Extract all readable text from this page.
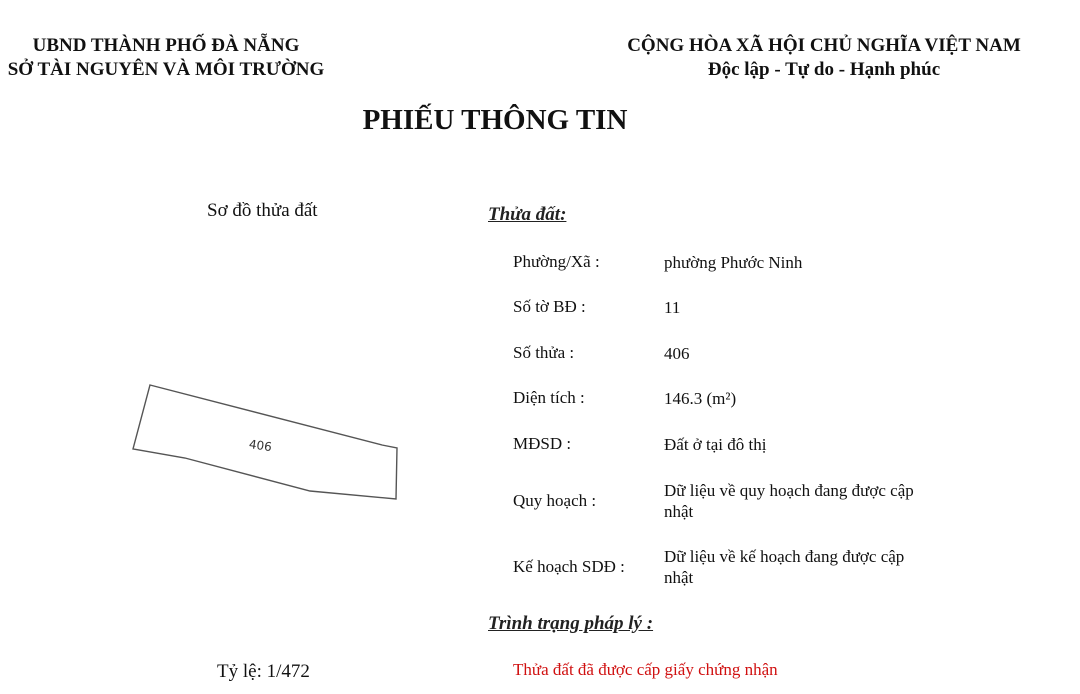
UBND THÀNH PHỐ ĐÀ NẴNG
SỞ TÀI NGUYÊN VÀ MÔI TRƯỜNG
CỘNG HÒA XÃ HỘI CHỦ NGHĨA VIỆT NAM
Độc lập - Tự do - Hạnh phúc
PHIẾU THÔNG TIN
Sơ đồ thửa đất
406
Tỷ lệ: 1/472
Thửa đất:
Phường/Xã :	phường Phước Ninh
Số tờ BĐ :	11
Số thửa :	406
Diện tích :	146.3 (m²)
MĐSD :	Đất ở tại đô thị
Quy hoạch :
Dữ liệu về quy hoạch đang được cập nhật
Kế hoạch SDĐ :
Dữ liệu về kế hoạch đang được cập nhật
Trình trạng pháp lý :
Thửa đất đã được cấp giấy chứng nhận
